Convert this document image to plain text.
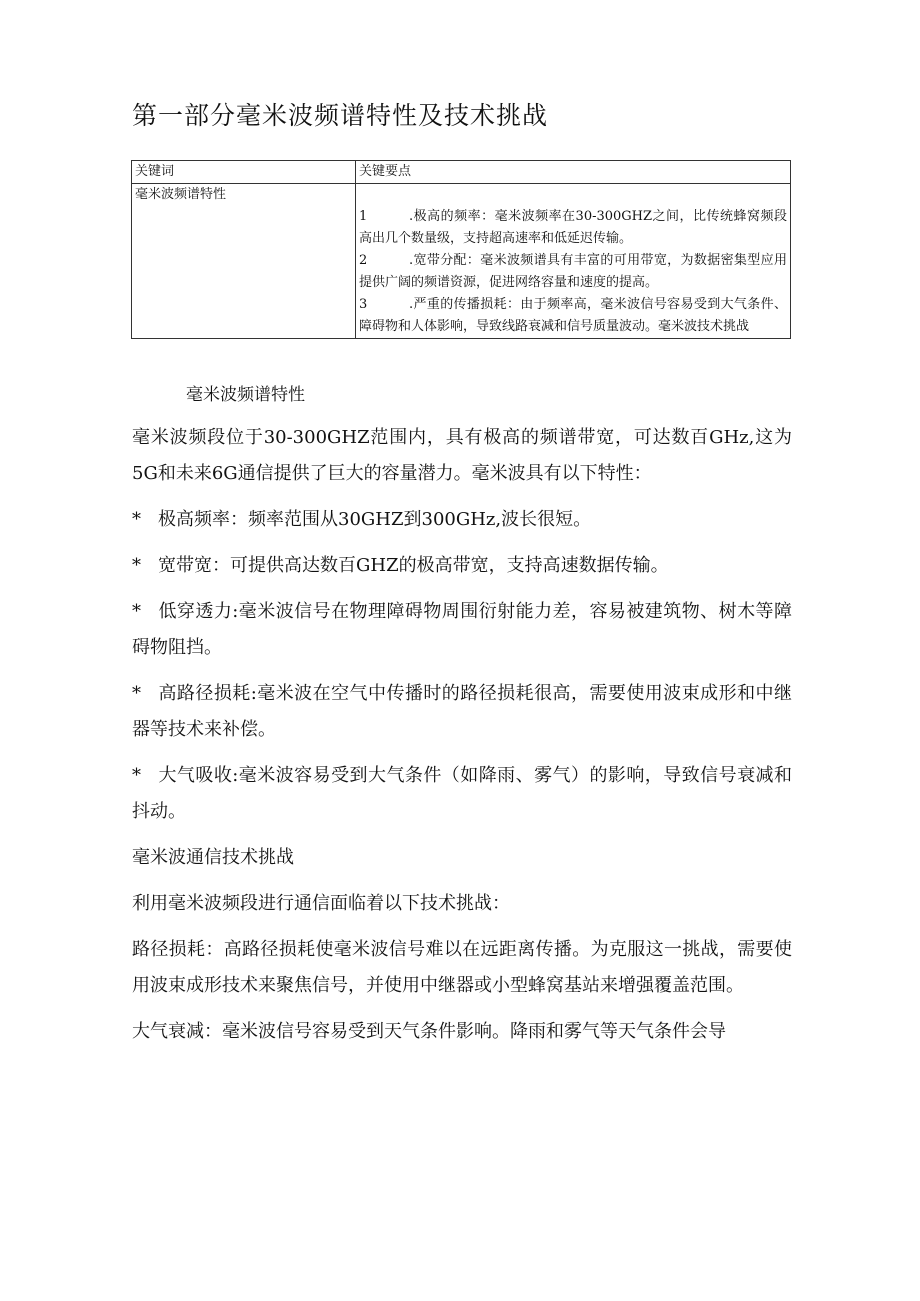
第一部分毫米波频谱特性及技术挑战
关键词	关键要点
毫米波频谱特性	1 .极高的频率：毫米波频率在30-300GHZ之间，比传统蜂窝频段高出几个数量级，支持超高速率和低延迟传输。

2 .宽带分配：毫米波频谱具有丰富的可用带宽，为数据密集型应用提供广阔的频谱资源，促进网络容量和速度的提高。

3 .严重的传播损耗：由于频率高，毫米波信号容易受到大气条件、障碍物和人体影响，导致线路衰减和信号质量波动。毫米波技术挑战

毫米波频谱特性

毫米波频段位于30-300GHZ范围内，具有极高的频谱带宽，可达数百GHz,这为5G和未来6G通信提供了巨大的容量潜力。毫米波具有以下特性：

* 极高频率：频率范围从30GHZ到300GHz,波长很短。

* 宽带宽：可提供高达数百GHZ的极高带宽，支持高速数据传输。

* 低穿透力:毫米波信号在物理障碍物周围衍射能力差，容易被建筑物、树木等障碍物阻挡。

* 高路径损耗:毫米波在空气中传播时的路径损耗很高，需要使用波束成形和中继器等技术来补偿。

* 大气吸收:毫米波容易受到大气条件（如降雨、雾气）的影响，导致信号衰减和抖动。

毫米波通信技术挑战

利用毫米波频段进行通信面临着以下技术挑战：

路径损耗：高路径损耗使毫米波信号难以在远距离传播。为克服这一挑战，需要使用波束成形技术来聚焦信号，并使用中继器或小型蜂窝基站来增强覆盖范围。

大气衰减：毫米波信号容易受到天气条件影响。降雨和雾气等天气条件会导
